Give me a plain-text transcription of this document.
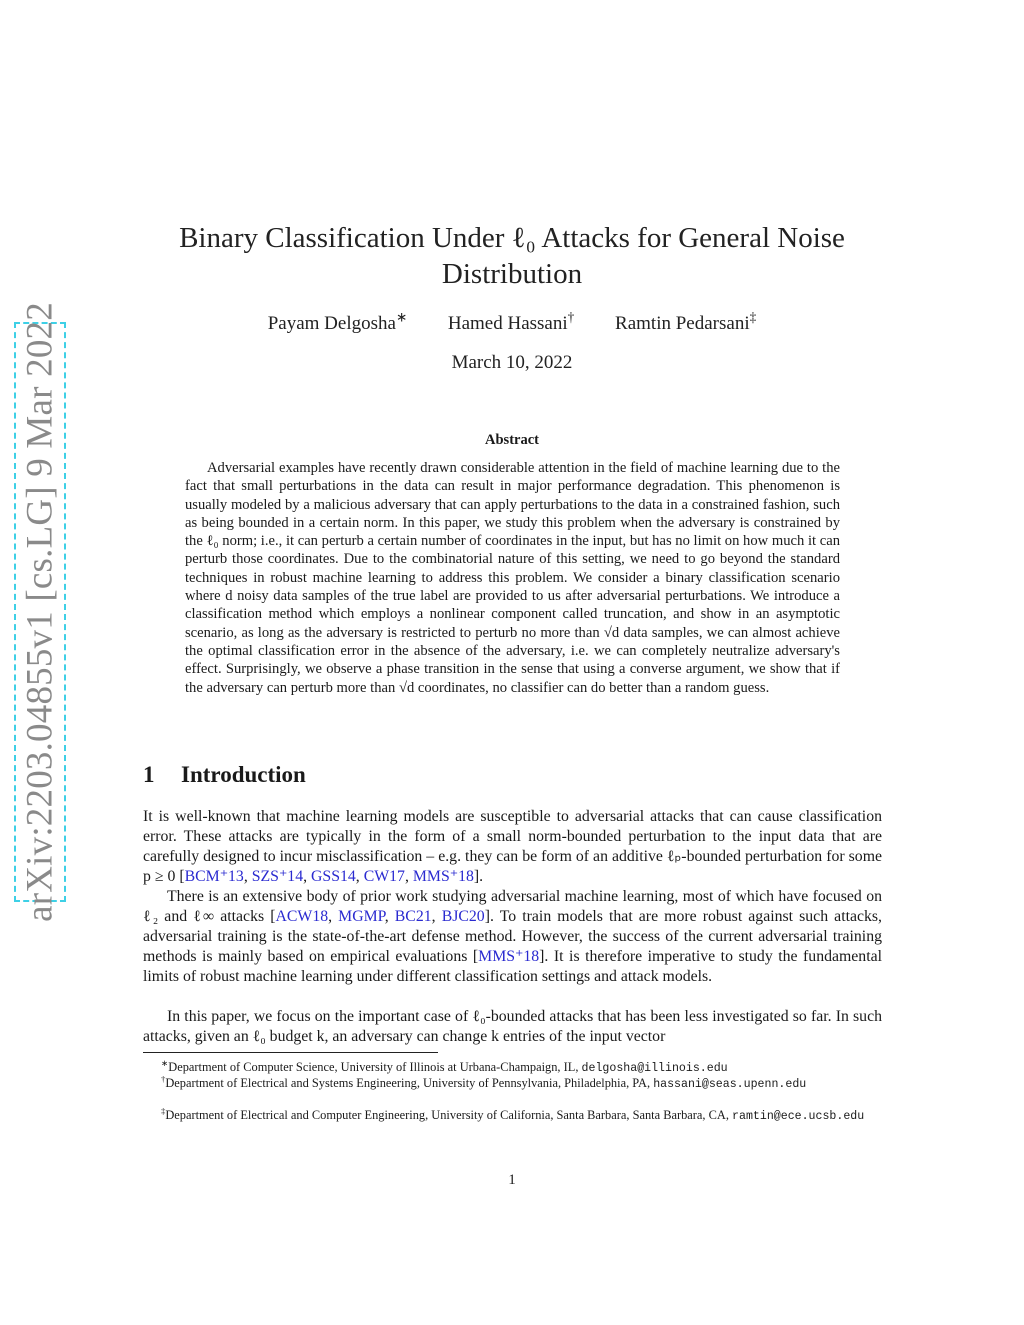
arXiv:2203.04855v1 [cs.LG] 9 Mar 2022
Binary Classification Under ℓ₀ Attacks for General Noise
Distribution
Payam Delgosha∗ Hamed Hassani† Ramtin Pedarsani‡
March 10, 2022
Abstract
Adversarial examples have recently drawn considerable attention in the field of machine learning due to the fact that small perturbations in the data can result in major performance degradation. This phenomenon is usually modeled by a malicious adversary that can apply perturbations to the data in a constrained fashion, such as being bounded in a certain norm. In this paper, we study this problem when the adversary is constrained by the ℓ₀ norm; i.e., it can perturb a certain number of coordinates in the input, but has no limit on how much it can perturb those coordinates. Due to the combinatorial nature of this setting, we need to go beyond the standard techniques in robust machine learning to address this problem. We consider a binary classification scenario where d noisy data samples of the true label are provided to us after adversarial perturbations. We introduce a classification method which employs a nonlinear component called truncation, and show in an asymptotic scenario, as long as the adversary is restricted to perturb no more than √d data samples, we can almost achieve the optimal classification error in the absence of the adversary, i.e. we can completely neutralize adversary's effect. Surprisingly, we observe a phase transition in the sense that using a converse argument, we show that if the adversary can perturb more than √d coordinates, no classifier can do better than a random guess.
1 Introduction
It is well-known that machine learning models are susceptible to adversarial attacks that can cause classification error. These attacks are typically in the form of a small norm-bounded perturbation to the input data that are carefully designed to incur misclassification – e.g. they can be form of an additive ℓₚ-bounded perturbation for some p ≥ 0 [BCM⁺13, SZS⁺14, GSS14, CW17, MMS⁺18].
There is an extensive body of prior work studying adversarial machine learning, most of which have focused on ℓ₂ and ℓ∞ attacks [ACW18, MGMP, BC21, BJC20]. To train models that are more robust against such attacks, adversarial training is the state-of-the-art defense method. However, the success of the current adversarial training methods is mainly based on empirical evaluations [MMS⁺18]. It is therefore imperative to study the fundamental limits of robust machine learning under different classification settings and attack models.
In this paper, we focus on the important case of ℓ₀-bounded attacks that has been less investigated so far. In such attacks, given an ℓ₀ budget k, an adversary can change k entries of the input vector
∗Department of Computer Science, University of Illinois at Urbana-Champaign, IL, delgosha@illinois.edu
†Department of Electrical and Systems Engineering, University of Pennsylvania, Philadelphia, PA, hassani@seas.upenn.edu
‡Department of Electrical and Computer Engineering, University of California, Santa Barbara, Santa Barbara, CA, ramtin@ece.ucsb.edu
1
